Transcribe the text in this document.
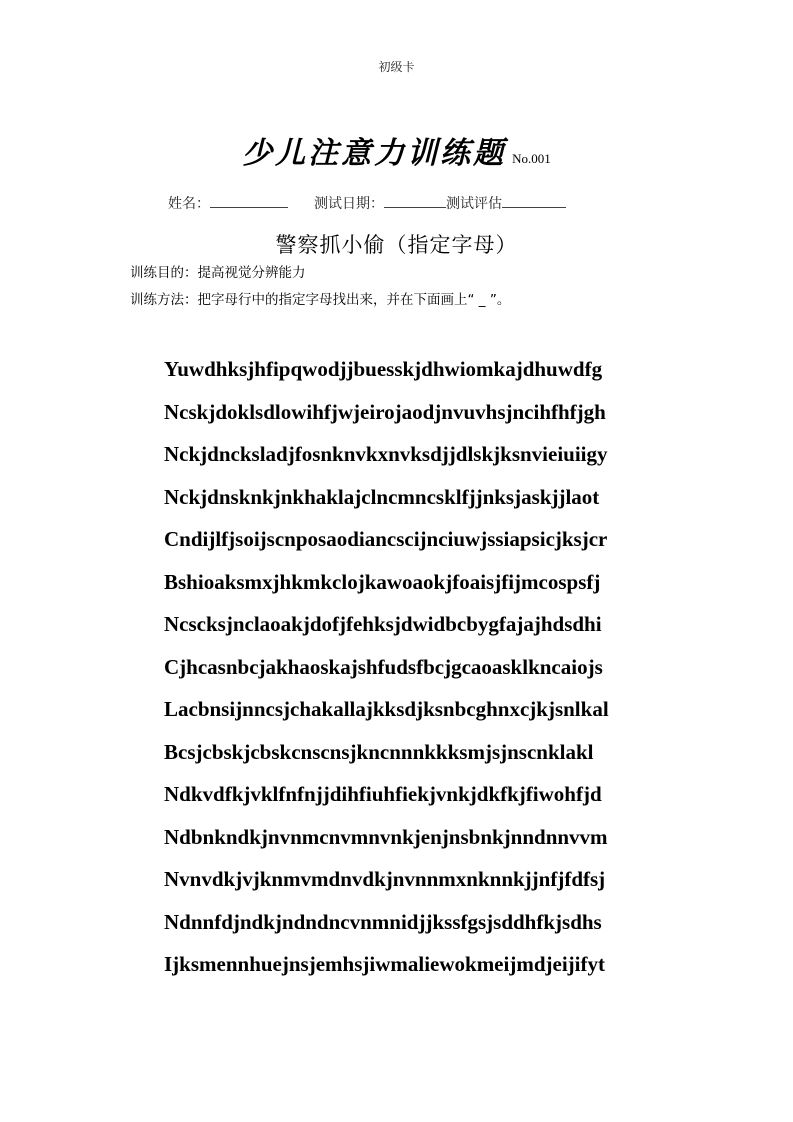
初级卡
少儿注意力训练题 No.001
姓名：	测试日期：	测试评估
警察抓小偷（指定字母）
训练目的：提高视觉分辨能力
训练方法：把字母行中的指定字母找出来，并在下面画上“ _ ”。
Yuwdhksjhfipqwodjjbuesskjdhwiomkajdhuwdfg
Ncskjdoklsdlowihfjwjeirojaodjnvuvhsjncihfhfjgh
Nckjdncksladjfosnknvkxnvksdjjdlskjksnvieiuiigy
Nckjdnsknkjnkhaklajclncmncsklfjjnksjaskjjlaot
Cndijlfjsoijscnposaodiancscijnciuwjssiapsicjksjcr
Bshioaksmxjhkmkclojkawoaokjfoaisjfijmcospsfj
Ncscksjnclaoakjdofjfehksjdwidbcbygfajajhdsdhi
Cjhcasnbcjakhaoskajshfudsfbcjgcaoasklkncaiojs
Lacbnsijnncsjchakallajkksdjksnbcghnxcjkjsnlkal
Bcsjcbskjcbskcnscnsjkncnnnkkksmjsjnscnklakl
Ndkvdfkjvklfnfnjjdihfiuhfiekjvnkjdkfkjfiwohfjd
Ndbnkndkjnvnmcnvmnvnkjenjnsbnkjnndnnvvm
Nvnvdkjvjknmvmdnvdkjnvnnmxnknnkjjnfjfdfsj
Ndnnfdjndkjndndncvnmnidjjkssfgsjsddhfkjsdhs
Ijksmennhuejnsjemhsjiwmaliewokmeijmdjeijifyt
